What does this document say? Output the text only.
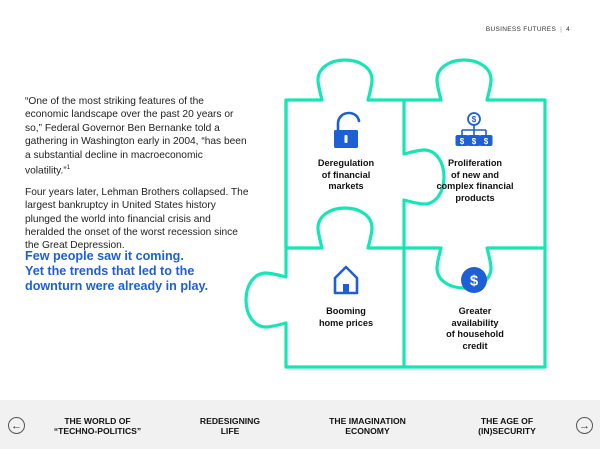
BUSINESS FUTURES | 4

“One of the most striking features of the economic landscape over the past 20 years or so,” Federal Governor Ben Bernanke told a gathering in Washington early in 2004, “has been a substantial decline in macroeconomic volatility.”$^1$

Four years later, Lehman Brothers collapsed. The largest bankruptcy in United States history plunged the world into financial crisis and heralded the onset of the worst recession since the Great Depression.

Few people saw it coming.
Yet the trends that led to the
downturn were already in play.
$
$ $ $
$
Deregulation
of financial
markets
Proliferation
of new and
complex financial
products
Booming
home prices
Greater
availability
of household
credit
←	THE WORLD OF
“TECHNO-POLITICS”
REDESIGNING
LIFE
THE IMAGINATION
ECONOMY
THE AGE OF
(IN)SECURITY	→
